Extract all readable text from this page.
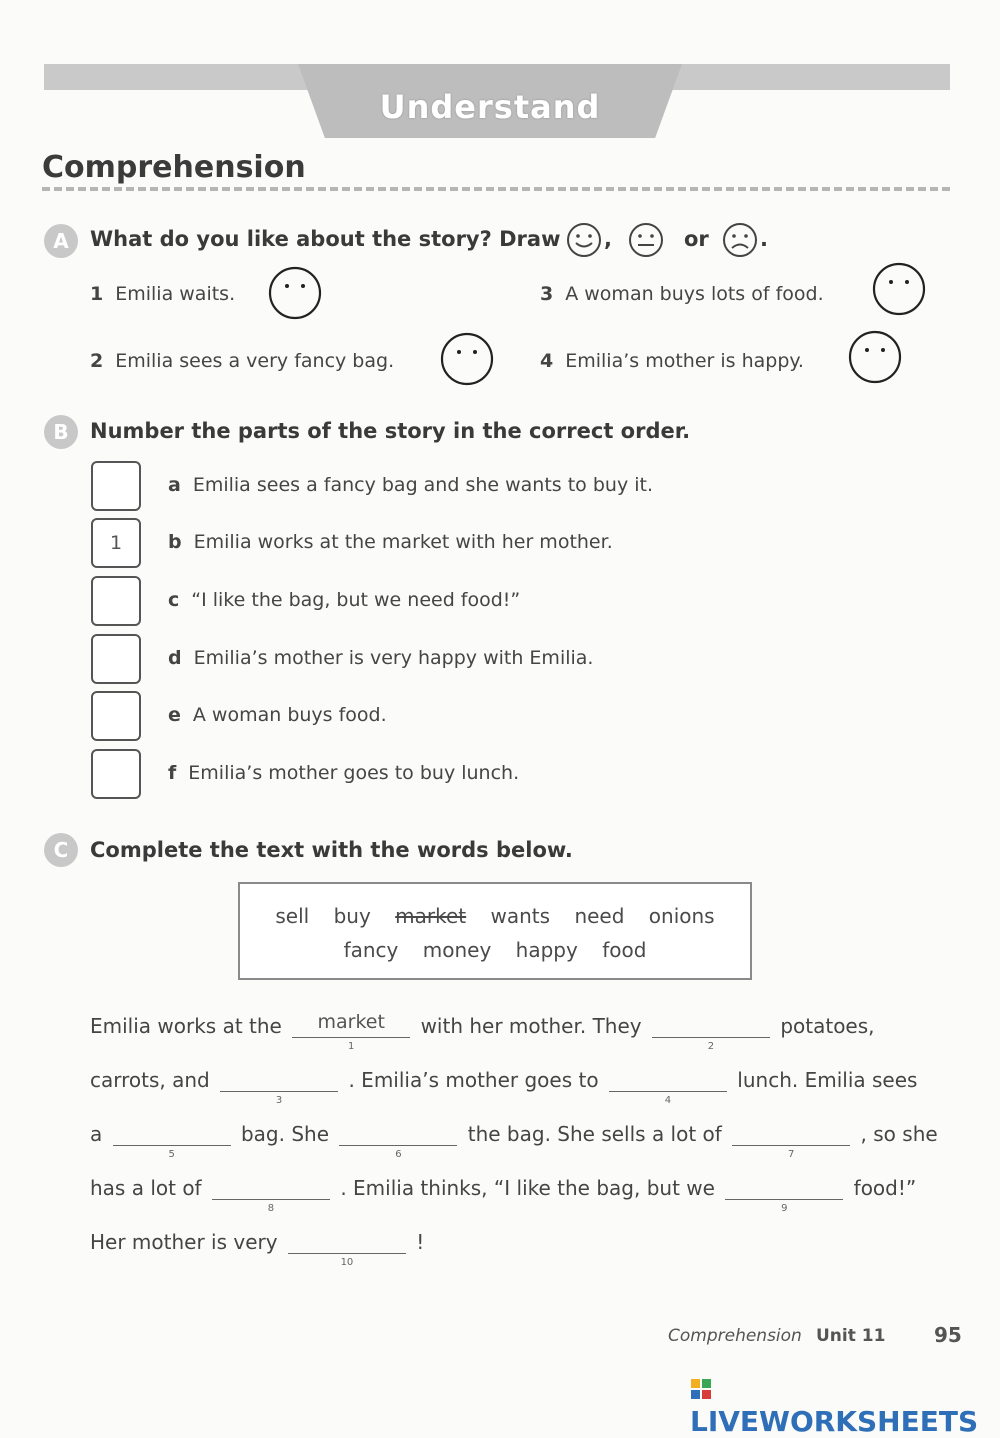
Understand
Comprehension
A	What do you like about the story? Draw ,	or .
1 Emilia waits.
2 Emilia sees a very fancy bag.
3 A woman buys lots of food.
4 Emilia’s mother is happy.
B	Number the parts of the story in the correct order.
a Emilia sees a fancy bag and she wants to buy it.
1	b Emilia works at the market with her mother.
c “I like the bag, but we need food!”
d Emilia’s mother is very happy with Emilia.
e A woman buys food.
f Emilia’s mother goes to buy lunch.
C	Complete the text with the words below.
sell buy market wants need onions
fancy money happy food
Emilia works at the	market
1
with her mother. They
2
potatoes,
carrots, and
3
. Emilia’s mother goes to
4
lunch. Emilia sees
a
5
bag. She
6
the bag. She sells a lot of
7
, so she
has a lot of
8
. Emilia thinks, “I like the bag, but we
9
food!”
Her mother is very
10
!
Comprehension Unit 11 95
LIVEWORKSHEETS
